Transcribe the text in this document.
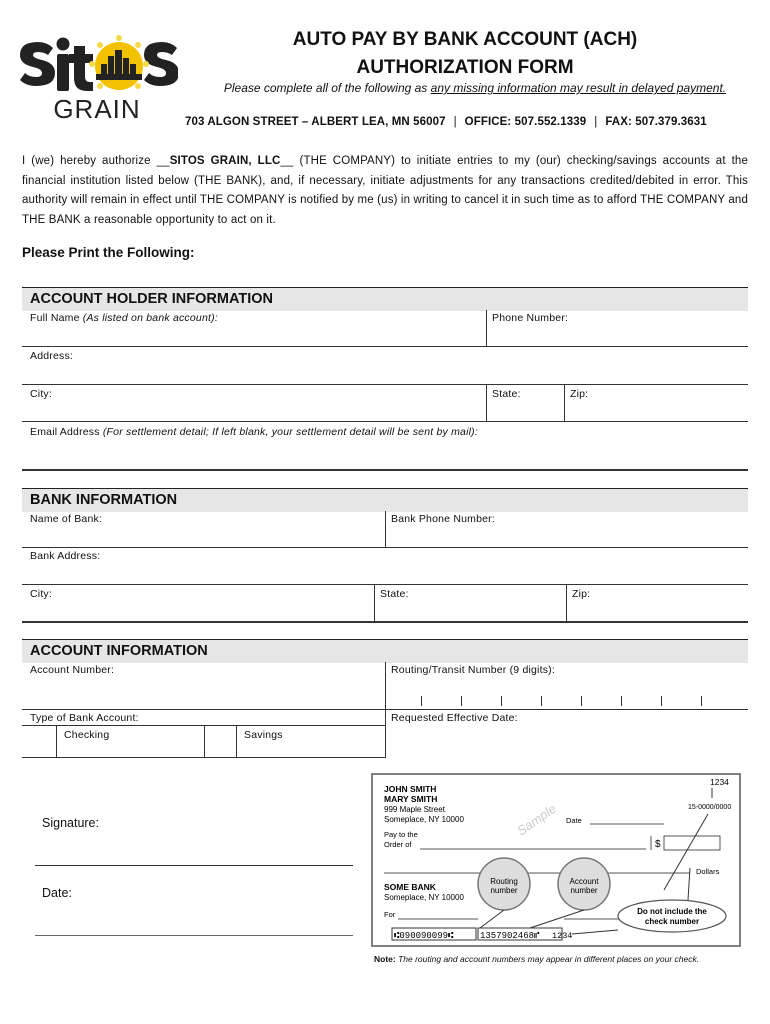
GRAIN
AUTO PAY BY BANK ACCOUNT (ACH)
AUTHORIZATION FORM
Please complete all of the following as any missing information may result in delayed payment.
703 ALGON STREET – ALBERT LEA, MN 56007 | OFFICE: 507.552.1339 | FAX: 507.379.3631
I (we) hereby authorize __SITOS GRAIN, LLC__ (THE COMPANY) to initiate entries to my (our) checking/savings accounts at the financial institution listed below (THE BANK), and, if necessary, initiate adjustments for any transactions credited/debited in error. This authority will remain in effect until THE COMPANY is notified by me (us) in writing to cancel it in such time as to afford THE COMPANY and THE BANK a reasonable opportunity to act on it.
Please Print the Following:
ACCOUNT HOLDER INFORMATION
Full Name (As listed on bank account):	Phone Number:
Address:
City:	State:	Zip:
Email Address (For settlement detail; If left blank, your settlement detail will be sent by mail):
BANK INFORMATION
Name of Bank:	Bank Phone Number:
Bank Address:
City:	State:	Zip:
ACCOUNT INFORMATION
Account Number:	Routing/Transit Number (9 digits):
Type of Bank Account:	Requested Effective Date:
Checking	Savings
Signature:
Date:
JOHN SMITH
MARY SMITH
999 Maple Street
Someplace, NY 10000
1234
15-0000/0000
Date
Sample
Pay to the
Order of	$
Dollars
SOME BANK
Someplace, NY 10000
For
Routing
number
Account
number
Do not include the
check number
⑆090090099⑆	1357902468⑈ 1234
Note: The routing and account numbers may appear in different places on your check.
